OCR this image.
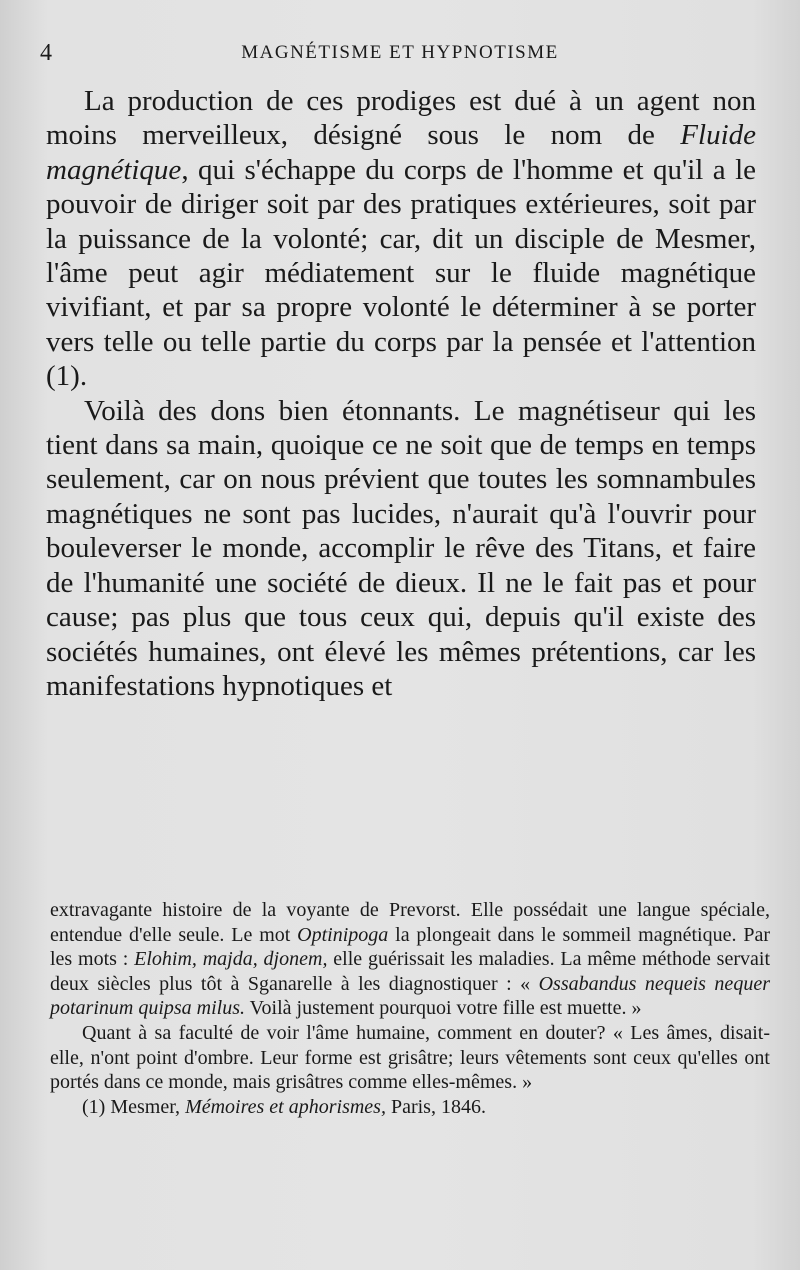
4	MAGNÉTISME ET HYPNOTISME

La production de ces prodiges est dué à un agent non moins merveilleux, désigné sous le nom de Fluide magnétique, qui s'échappe du corps de l'homme et qu'il a le pouvoir de diriger soit par des pratiques extérieures, soit par la puissance de la volonté; car, dit un disciple de Mesmer, l'âme peut agir médiatement sur le fluide magnétique vivifiant, et par sa propre volonté le déterminer à se porter vers telle ou telle partie du corps par la pensée et l'attention (1).

Voilà des dons bien étonnants. Le magnétiseur qui les tient dans sa main, quoique ce ne soit que de temps en temps seulement, car on nous prévient que toutes les somnambules magnétiques ne sont pas lucides, n'aurait qu'à l'ouvrir pour bouleverser le monde, accomplir le rêve des Titans, et faire de l'humanité une société de dieux. Il ne le fait pas et pour cause; pas plus que tous ceux qui, depuis qu'il existe des sociétés humaines, ont élevé les mêmes prétentions, car les manifestations hypnotiques et

extravagante histoire de la voyante de Prevorst. Elle possédait une langue spéciale, entendue d'elle seule. Le mot Optinipoga la plongeait dans le sommeil magnétique. Par les mots : Elohim, majda, djonem, elle guérissait les maladies. La même méthode servait deux siècles plus tôt à Sganarelle à les diagnostiquer : « Ossabandus nequeis nequer potarinum quipsa milus. Voilà justement pourquoi votre fille est muette. »

Quant à sa faculté de voir l'âme humaine, comment en douter? « Les âmes, disait-elle, n'ont point d'ombre. Leur forme est grisâtre; leurs vêtements sont ceux qu'elles ont portés dans ce monde, mais grisâtres comme elles-mêmes. »

(1) Mesmer, Mémoires et aphorismes, Paris, 1846.
